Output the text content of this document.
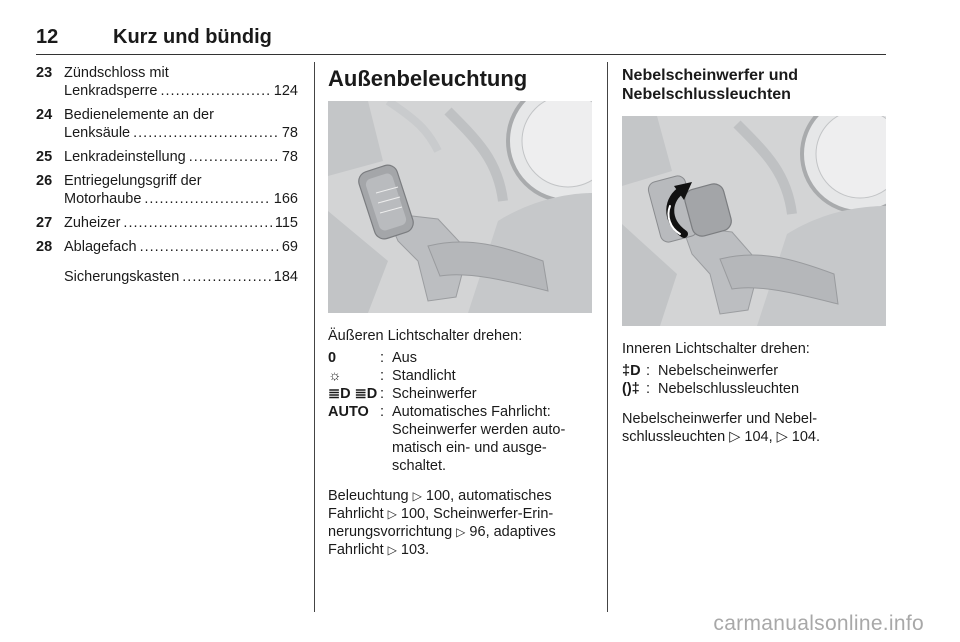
12	Kurz und bündig
23 Zündschloss mit
Lenkradsperre .....	124
24 Bedienelemente an der
Lenksäule .....	78
25 Lenkradeinstellung .....	78
26 Entriegelungsgriff der
Motorhaube .....	166
27 Zuheizer .....	115
28 Ablagefach .....	69
Sicherungskasten .....	184
Außenbeleuchtung
Äußeren Lichtschalter drehen:
0	: Aus
☼	: Standlicht
≣D ≣D : Scheinwerfer
AUTO : Automatisches Fahrlicht: Scheinwerfer werden auto-matisch ein- und ausge-schaltet.
Beleuchtung ▷ 100, automatisches Fahrlicht ▷ 100, Scheinwerfer-Erin-nerungsvorrichtung ▷ 96, adaptives Fahrlicht ▷ 103.
Nebelscheinwerfer und Nebelschlussleuchten
Inneren Lichtschalter drehen:
‡D : Nebelscheinwerfer
()‡ : Nebelschlussleuchten
Nebelscheinwerfer und Nebel-schlussleuchten ▷ 104, ▷ 104.
carmanualsonline.info
